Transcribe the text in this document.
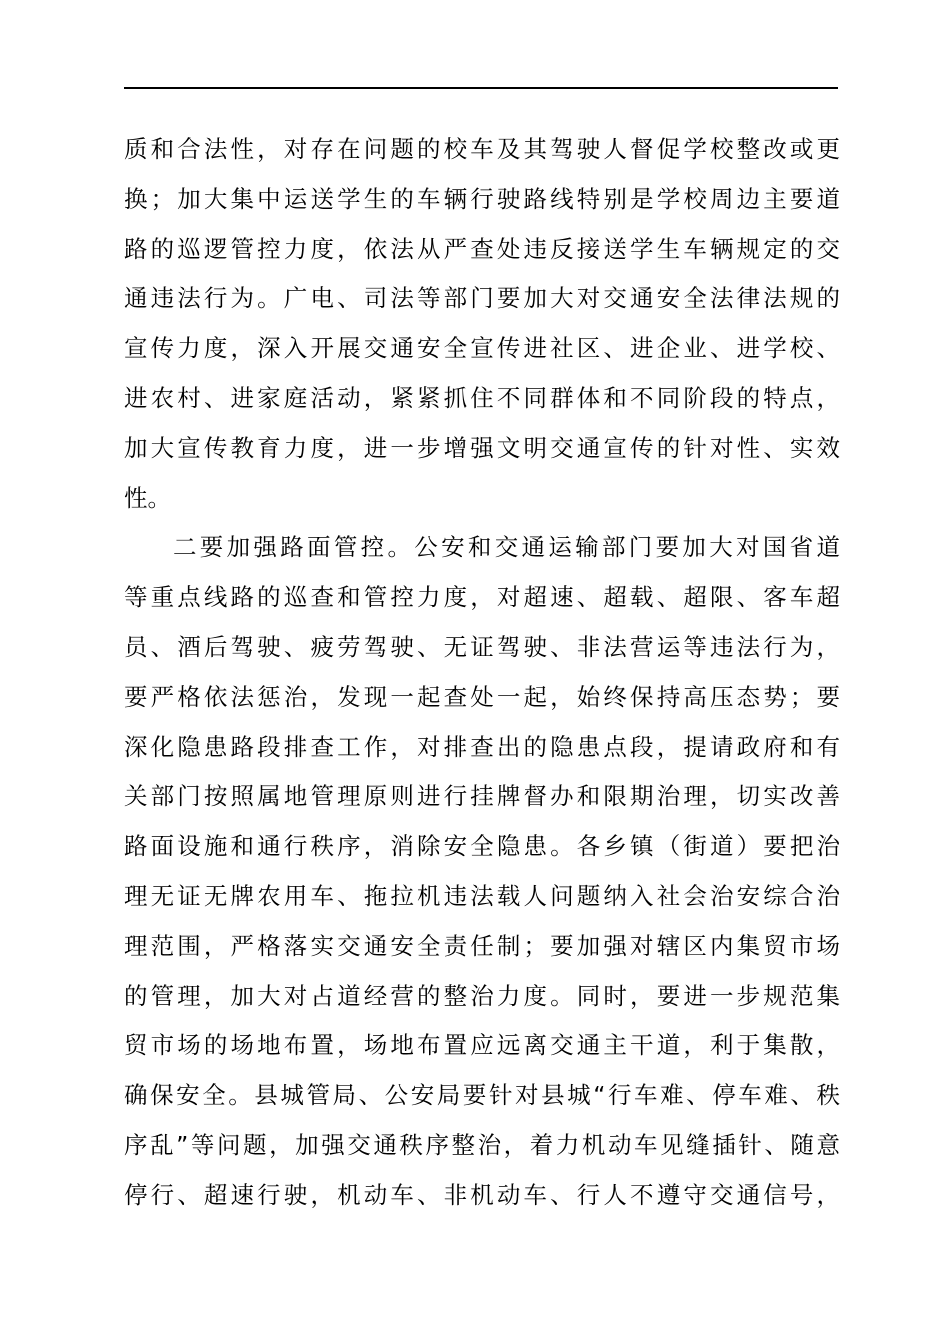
质和合法性，对存在问题的校车及其驾驶人督促学校整改或更
换；加大集中运送学生的车辆行驶路线特别是学校周边主要道
路的巡逻管控力度，依法从严查处违反接送学生车辆规定的交
通违法行为。广电、司法等部门要加大对交通安全法律法规的
宣传力度，深入开展交通安全宣传进社区、进企业、进学校、
进农村、进家庭活动，紧紧抓住不同群体和不同阶段的特点，
加大宣传教育力度，进一步增强文明交通宣传的针对性、实效
性。
二要加强路面管控。公安和交通运输部门要加大对国省道
等重点线路的巡查和管控力度，对超速、超载、超限、客车超
员、酒后驾驶、疲劳驾驶、无证驾驶、非法营运等违法行为，
要严格依法惩治，发现一起查处一起，始终保持高压态势；要
深化隐患路段排查工作，对排查出的隐患点段，提请政府和有
关部门按照属地管理原则进行挂牌督办和限期治理，切实改善
路面设施和通行秩序，消除安全隐患。各乡镇（街道）要把治
理无证无牌农用车、拖拉机违法载人问题纳入社会治安综合治
理范围，严格落实交通安全责任制；要加强对辖区内集贸市场
的管理，加大对占道经营的整治力度。同时，要进一步规范集
贸市场的场地布置，场地布置应远离交通主干道，利于集散，
确保安全。县城管局、公安局要针对县城“行车难、停车难、秩
序乱”等问题，加强交通秩序整治，着力机动车见缝插针、随意
停行、超速行驶，机动车、非机动车、行人不遵守交通信号，
